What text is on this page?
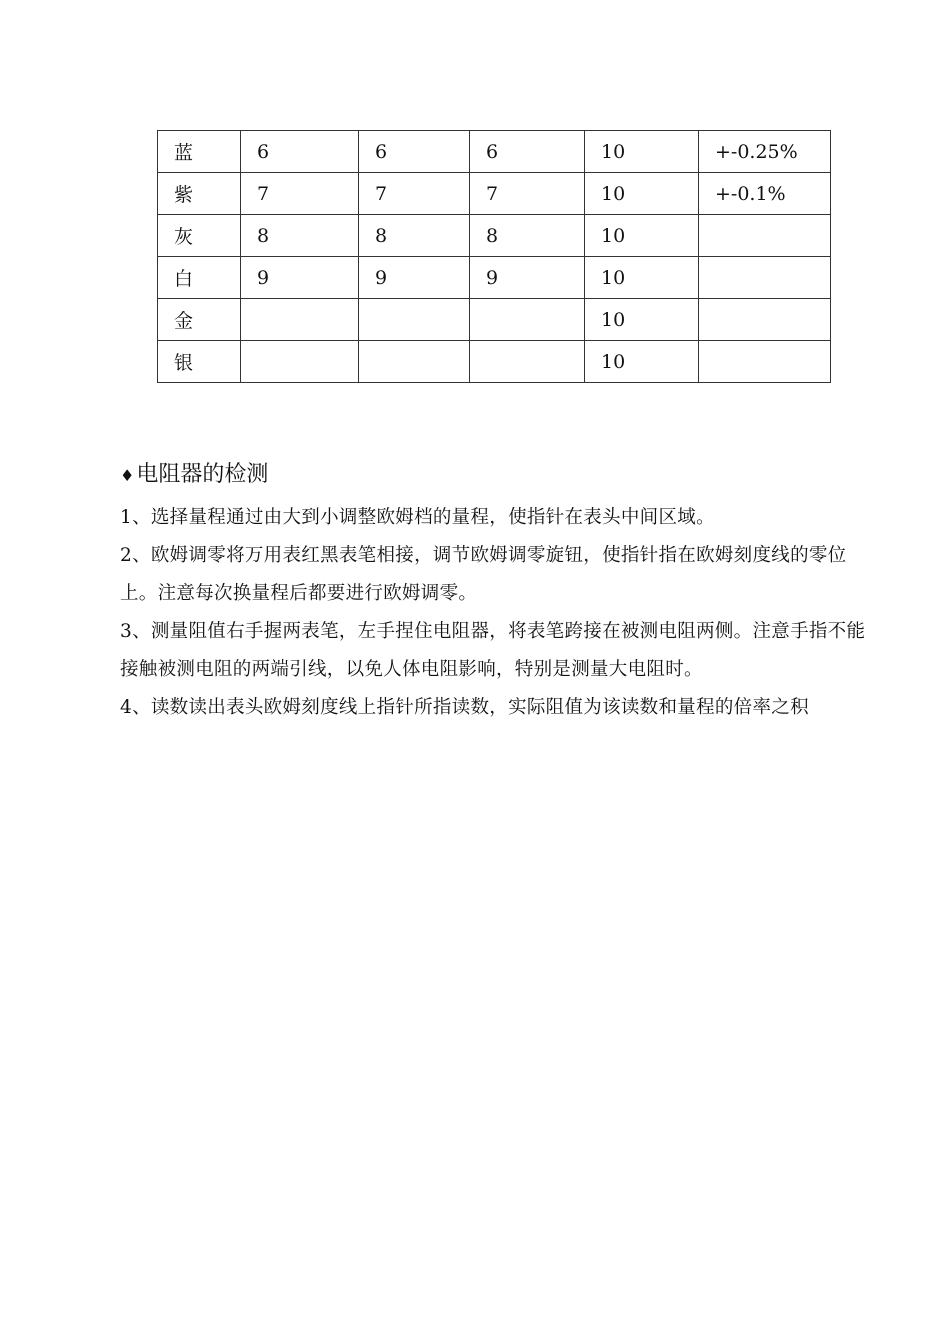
蓝	6	6	6	10	+-0.25%
紫	7	7	7	10	+-0.1%
灰	8	8	8	10	
白	9	9	9	10	
金				10	
银				10	
♦电阻器的检测

1、选择量程通过由大到小调整欧姆档的量程，使指针在表头中间区域。

2、欧姆调零将万用表红黑表笔相接，调节欧姆调零旋钮，使指针指在欧姆刻度线的零位上。注意每次换量程后都要进行欧姆调零。

3、测量阻值右手握两表笔，左手捏住电阻器，将表笔跨接在被测电阻两侧。注意手指不能接触被测电阻的两端引线，以免人体电阻影响，特别是测量大电阻时。

4、读数读出表头欧姆刻度线上指针所指读数，实际阻值为该读数和量程的倍率之积
